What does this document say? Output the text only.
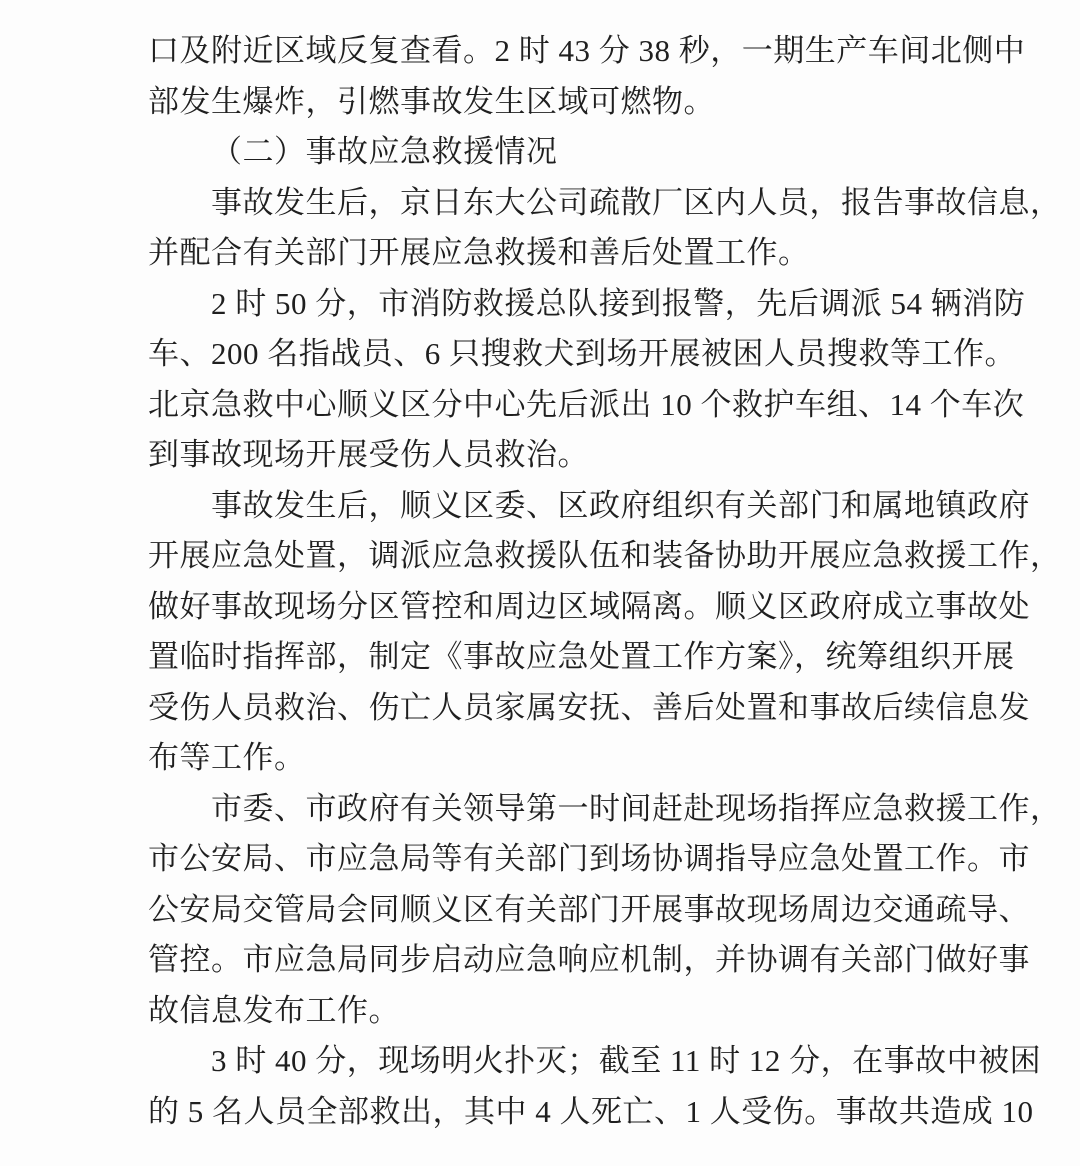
口及附近区域反复查看。2 时 43 分 38 秒，一期生产车间北侧中
部发生爆炸，引燃事故发生区域可燃物。
（二）事故应急救援情况
事故发生后，京日东大公司疏散厂区内人员，报告事故信息，
并配合有关部门开展应急救援和善后处置工作。
2 时 50 分，市消防救援总队接到报警，先后调派 54 辆消防
车、200 名指战员、6 只搜救犬到场开展被困人员搜救等工作。
北京急救中心顺义区分中心先后派出 10 个救护车组、14 个车次
到事故现场开展受伤人员救治。
事故发生后，顺义区委、区政府组织有关部门和属地镇政府
开展应急处置，调派应急救援队伍和装备协助开展应急救援工作，
做好事故现场分区管控和周边区域隔离。顺义区政府成立事故处
置临时指挥部，制定《事故应急处置工作方案》，统筹组织开展
受伤人员救治、伤亡人员家属安抚、善后处置和事故后续信息发
布等工作。
市委、市政府有关领导第一时间赶赴现场指挥应急救援工作，
市公安局、市应急局等有关部门到场协调指导应急处置工作。市
公安局交管局会同顺义区有关部门开展事故现场周边交通疏导、
管控。市应急局同步启动应急响应机制，并协调有关部门做好事
故信息发布工作。
3 时 40 分，现场明火扑灭；截至 11 时 12 分，在事故中被困
的 5 名人员全部救出，其中 4 人死亡、1 人受伤。事故共造成 10
